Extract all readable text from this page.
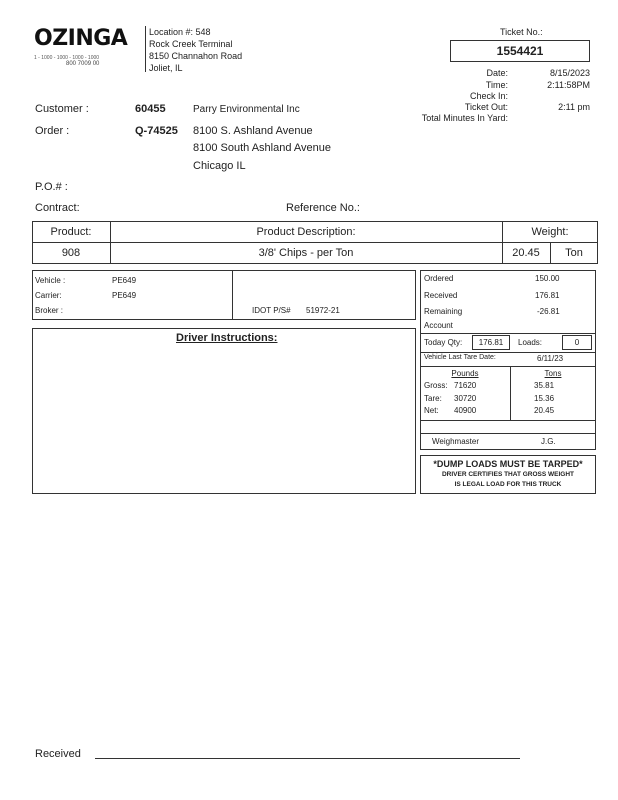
OZINGA
1 - 1000 - 1000 - 1000 - 1000
800 7009 00
Location #: 548
Rock Creek Terminal
8150 Channahon Road
Joliet, IL
Ticket No.:
1554421
Date:	8/15/2023
Time:	2:11:58PM
Check In:
Ticket Out:	2:11 pm
Total Minutes In Yard:
Customer :	60455	Parry Environmental Inc
Order :	Q-74525 8100 S. Ashland Avenue
8100 South Ashland Avenue
Chicago IL
P.O.# :
Contract:	Reference No.:
Product:	Product Description:	Weight:
908	3/8' Chips - per Ton	20.45	Ton
Vehicle :	PE649
Carrier:	PE649
Broker :	IDOT P/S# 51972-21
Driver Instructions:
Ordered	150.00
Received	176.81
Remaining	-26.81
Account
Today Qty:	176.81	Loads:	0
Vehicle Last Tare Date:	6/11/23
Pounds	Tons
Gross: 71620	35.81
Tare: 30720	15.36
Net: 40900	20.45
Weighmaster	J.G.
*DUMP LOADS MUST BE TARPED*
DRIVER CERTIFIES THAT GROSS WEIGHT
IS LEGAL LOAD FOR THIS TRUCK
Received
